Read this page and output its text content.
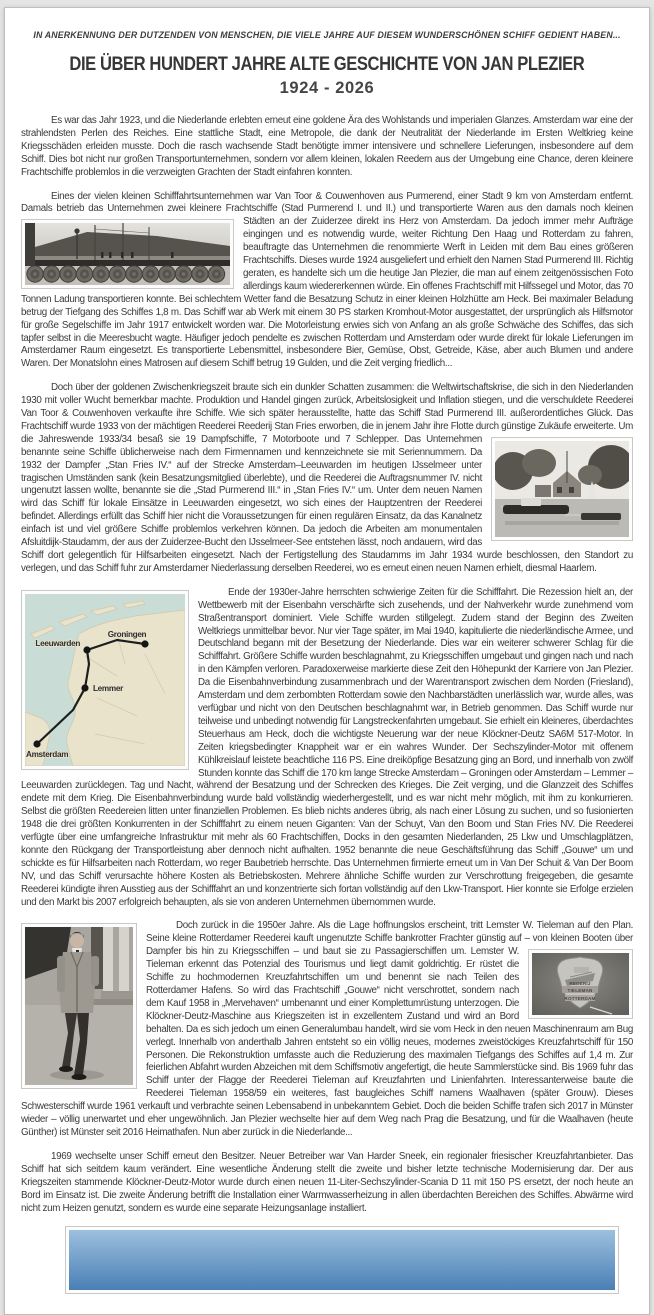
IN ANERKENNUNG DER DUTZENDEN VON MENSCHEN, DIE VIELE JAHRE AUF DIESEM WUNDERSCHÖNEN SCHIFF GEDIENT HABEN...
DIE ÜBER HUNDERT JAHRE ALTE GESCHICHTE VON JAN PLEZIER
1924 - 2026

Es war das Jahr 1923, und die Niederlande erlebten erneut eine goldene Ära des Wohlstands und imperialen Glanzes. Amsterdam war eine der strahlendsten Perlen des Reiches. Eine stattliche Stadt, eine Metropole, die dank der Neutralität der Niederlande im Ersten Weltkrieg keine Kriegsschäden erleiden musste. Doch die rasch wachsende Stadt benötigte immer intensivere und schnellere Lieferungen, insbesondere auf dem Schiff. Dies bot nicht nur großen Transportunternehmen, sondern vor allem kleinen, lokalen Reedern aus der Umgebung eine Chance, deren kleinere Frachtschiffe problemlos in die verzweigten Grachten der Stadt einfahren konnten.

Eines der vielen kleinen Schifffahrtsunternehmen war Van Toor & Couwenhoven aus Purmerend, einer Stadt 9 km von Amsterdam entfernt. Damals betrieb das Unternehmen zwei kleinere Frachtschiffe (Stad Purmerend I. und II.) und transportierte Waren aus den damals noch kleinen Städten an der Zuiderzee direkt ins Herz von Amsterdam. Da jedoch immer mehr Aufträge eingingen und es notwendig wurde, weiter Richtung Den Haag und Rotterdam zu fahren, beauftragte das Unternehmen die renommierte Werft in Leiden mit dem Bau eines größeren Frachtschiffs. Dieses wurde 1924 ausgeliefert und erhielt den Namen Stad Purmerend III. Richtig geraten, es handelte sich um die heutige Jan Plezier, die man auf einem zeitgenössischen Foto allerdings kaum wiedererkennen würde. Ein offenes Frachtschiff mit Hilfssegel und Motor, das 70 Tonnen Ladung transportieren konnte. Bei schlechtem Wetter fand die Besatzung Schutz in einer kleinen Holzhütte am Heck. Bei maximaler Beladung betrug der Tiefgang des Schiffes 1,8 m. Das Schiff war ab Werk mit einem 30 PS starken Kromhout-Motor ausgestattet, der ursprünglich als Hilfsmotor für große Segelschiffe im Jahr 1917 entwickelt worden war. Die Motorleistung erwies sich von Anfang an als große Schwäche des Schiffes, das sich tapfer selbst in die Meeresbucht wagte. Häufiger jedoch pendelte es zwischen Rotterdam und Amsterdam oder wurde direkt für lokale Lieferungen im Amsterdamer Raum eingesetzt. Es transportierte Lebensmittel, insbesondere Bier, Gemüse, Obst, Getreide, Käse, aber auch Blumen und andere Waren. Der Monatslohn eines Matrosen auf diesem Schiff betrug 19 Gulden, und die Zeit verging friedlich...

Doch über der goldenen Zwischenkriegszeit braute sich ein dunkler Schatten zusammen: die Weltwirtschaftskrise, die sich in den Niederlanden 1930 mit voller Wucht bemerkbar machte. Produktion und Handel gingen zurück, Arbeitslosigkeit und Inflation stiegen, und die verschuldete Reederei Van Toor & Couwenhoven verkaufte ihre Schiffe. Wie sich später herausstellte, hatte das Schiff Stad Purmerend III. außerordentliches Glück. Das Frachtschiff wurde 1933 von der mächtigen Reederei Reederij Stan Fries erworben, die in jenem Jahr ihre Flotte durch günstige Zukäufe erweiterte. Um die Jahreswende 1933/34 besaß sie 19 Dampfschiffe, 7 Motorboote und 7 Schlepper. Das Unternehmen benannte seine Schiffe üblicherweise nach dem Firmennamen und kennzeichnete sie mit Seriennummern. Da 1932 der Dampfer „Stan Fries IV.“ auf der Strecke Amsterdam–Leeuwarden im heutigen IJsselmeer unter tragischen Umständen sank (kein Besatzungsmitglied überlebte), und die Reederei die Auftragsnummer IV. nicht ungenutzt lassen wollte, benannte sie die „Stad Purmerend III.“ in „Stan Fries IV.“ um. Unter dem neuen Namen wird das Schiff für lokale Einsätze in Leeuwarden eingesetzt, wo sich eines der Hauptzentren der Reederei befindet. Allerdings erfüllt das Schiff hier nicht die Voraussetzungen für einen regulären Einsatz, da das Kanalnetz einfach ist und viel größere Schiffe problemlos verkehren können. Da jedoch die Arbeiten am monumentalen Afsluitdijk-Staudamm, der aus der Zuiderzee-Bucht den IJsselmeer-See entstehen lässt, noch andauern, wird das Schiff dort gelegentlich für Hilfsarbeiten eingesetzt. Nach der Fertigstellung des Staudamms im Jahr 1934 wurde beschlossen, den Standort zu verlegen, und das Schiff fuhr zur Amsterdamer Niederlassung derselben Reederei, wo es erneut einen neuen Namen erhielt, diesmal Haarlem.

Leeuwarden
Groningen
Lemmer
Amsterdam
Ende der 1930er-Jahre herrschten schwierige Zeiten für die Schifffahrt. Die Rezession hielt an, der Wettbewerb mit der Eisenbahn verschärfte sich zusehends, und der Nahverkehr wurde zunehmend vom Straßentransport dominiert. Viele Schiffe wurden stillgelegt. Zudem stand der Beginn des Zweiten Weltkriegs unmittelbar bevor. Nur vier Tage später, im Mai 1940, kapitulierte die niederländische Armee, und Deutschland begann mit der Besetzung der Niederlande. Dies war ein weiterer schwerer Schlag für die Schifffahrt. Größere Schiffe wurden beschlagnahmt, zu Kriegsschiffen umgebaut und gingen nach und nach in den Kämpfen verloren. Paradoxerweise markierte diese Zeit den Höhepunkt der Karriere von Jan Plezier. Da die Eisenbahnverbindung zusammenbrach und der Warentransport zwischen dem Norden (Friesland), Amsterdam und dem zerbombten Rotterdam sowie den Nachbarstädten unerlässlich war, wurde alles, was verfügbar und nicht von den Deutschen beschlagnahmt war, in Betrieb genommen. Das Schiff wurde nur teilweise und unbedingt notwendig für Langstreckenfahrten umgebaut. Sie erhielt ein kleineres, überdachtes Steuerhaus am Heck, doch die wichtigste Neuerung war der neue Klöckner-Deutz SA6M 517-Motor. In Zeiten kriegsbedingter Knappheit war er ein wahres Wunder. Der Sechszylinder-Motor mit offenem Kühlkreislauf leistete beachtliche 116 PS. Eine dreiköpfige Besatzung ging an Bord, und innerhalb von zwölf Stunden konnte das Schiff die 170 km lange Strecke Amsterdam – Groningen oder Amsterdam – Lemmer – Leeuwarden zurücklegen. Tag und Nacht, während der Besatzung und der Schrecken des Krieges. Die Zeit verging, und die Glanzzeit des Schiffes endete mit dem Krieg. Die Eisenbahnverbindung wurde bald vollständig wiederhergestellt, und es war nicht mehr möglich, mit ihm zu konkurrieren. Selbst die größten Reedereien litten unter finanziellen Problemen. Es blieb nichts anderes übrig, als nach einer Lösung zu suchen, und so fusionierten 1948 die drei größten Konkurrenten in der Schifffahrt zu einem neuen Giganten: Van der Schuyt, Van den Boom und Stan Fries NV. Die Reederei verfügte über eine umfangreiche Infrastruktur mit mehr als 60 Frachtschiffen, Docks in den gesamten Niederlanden, 25 Lkw und Umschlagplätzen, konnte den Rückgang der Transportleistung aber dennoch nicht aufhalten. 1952 benannte die neue Geschäftsführung das Schiff „Gouwe“ um und schickte es für Hilfsarbeiten nach Rotterdam, wo reger Baubetrieb herrschte. Das Unternehmen firmierte erneut um in Van Der Schuit & Van Der Boom NV, und das Schiff verursachte höhere Kosten als Betriebskosten. Mehrere ähnliche Schiffe wurden zur Verschrottung freigegeben, die gesamte Reederei kündigte ihren Ausstieg aus der Schifffahrt an und konzentrierte sich fortan vollständig auf den Lkw-Transport. Hier konnte sie Erfolge erzielen und den Markt bis 2007 erfolgreich behaupten, als sie von anderen Unternehmen übernommen wurde.

Doch zurück in die 1950er Jahre. Als die Lage hoffnungslos erscheint, tritt Lemster W. Tieleman auf den Plan. Seine kleine Rotterdamer Reederei kauft ungenutzte Schiffe bankrotter Frachter günstig auf – von kleinen Booten über Dampfer bis hin zu Kriegsschiffen – und baut sie zu Passagierschiffen um. Lemster W.
REDERIJ
TIELEMAN
ROTTERDAM
Tieleman erkennt das Potenzial des Tourismus und liegt damit goldrichtig. Er rüstet die Schiffe zu hochmodernen Kreuzfahrtschiffen um und benennt sie nach Teilen des Rotterdamer Hafens. So wird das Frachtschiff „Gouwe“ nicht verschrottet, sondern nach dem Kauf 1958 in „Mervehaven“ umbenannt und einer Komplettumrüstung unterzogen. Die Klöckner-Deutz-Maschine aus Kriegszeiten ist in exzellentem Zustand und wird an Bord behalten. Da es sich jedoch um einen Generalumbau handelt, wird sie vom Heck in den neuen Maschinenraum am Bug verlegt. Innerhalb von anderthalb Jahren entsteht so ein völlig neues, modernes zweistöckiges Kreuzfahrtschiff für 150 Personen. Die Rekonstruktion umfasste auch die Reduzierung des maximalen Tiefgangs des Schiffes auf 1,4 m. Zur feierlichen Abfahrt wurden Abzeichen mit dem Schiffsmotiv angefertigt, die heute Sammlerstücke sind. Bis 1969 fuhr das Schiff unter der Flagge der Reederei Tieleman auf Kreuzfahrten und Linienfahrten. Interessanterweise baute die Reederei Tieleman 1958/59 ein weiteres, fast baugleiches Schiff namens Waalhaven (später Grouw). Dieses Schwesterschiff wurde 1961 verkauft und verbrachte seinen Lebensabend in unbekanntem Gebiet. Doch die beiden Schiffe trafen sich 2017 in Münster wieder – völlig unerwartet und eher ungewöhnlich. Jan Plezier wechselte hier auf dem Weg nach Prag die Besatzung, und für die Waalhaven (heute Günther) ist Münster seit 2016 Heimathafen. Nun aber zurück in die Niederlande...

1969 wechselte unser Schiff erneut den Besitzer. Neuer Betreiber war Van Harder Sneek, ein regionaler friesischer Kreuzfahrtanbieter. Das Schiff hat sich seitdem kaum verändert. Eine wesentliche Änderung stellt die zweite und bisher letzte technische Modernisierung dar. Der aus Kriegszeiten stammende Klöckner-Deutz-Motor wurde durch einen neuen 11-Liter-Sechszylinder-Scania D 11 mit 150 PS ersetzt, der noch heute an Bord im Einsatz ist. Die zweite Änderung betrifft die Installation einer Warmwasserheizung in allen überdachten Bereichen des Schiffes. Abwärme wird nicht zum Heizen genutzt, sondern es wurde eine separate Heizungsanlage installiert.
